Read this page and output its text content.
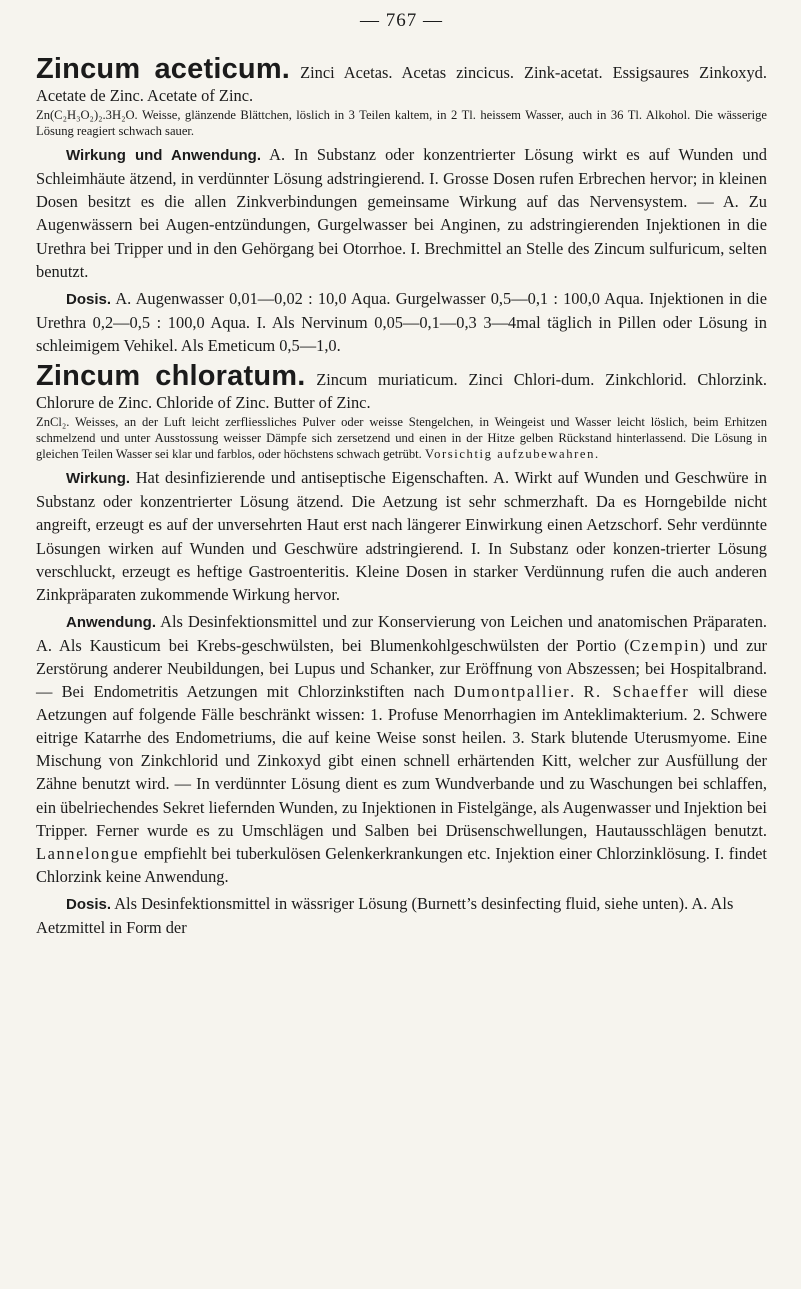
— 767 —

Zincum aceticum. Zinci Acetas. Acetas zincicus. Zink-acetat. Essigsaures Zinkoxyd. Acetate de Zinc. Acetate of Zinc.

Zn(C₂H₃O₂)₂.3H₂O. Weisse, glänzende Blättchen, löslich in 3 Teilen kaltem, in 2 Tl. heissem Wasser, auch in 36 Tl. Alkohol. Die wässerige Lösung reagiert schwach sauer.

Wirkung und Anwendung. A. In Substanz oder konzentrierter Lösung wirkt es auf Wunden und Schleimhäute ätzend, in verdünnter Lösung adstringierend. I. Grosse Dosen rufen Erbrechen hervor; in kleinen Dosen besitzt es die allen Zinkverbindungen gemeinsame Wirkung auf das Nervensystem. — A. Zu Augenwässern bei Augen-entzündungen, Gurgelwasser bei Anginen, zu adstringierenden Injektionen in die Urethra bei Tripper und in den Gehörgang bei Otorrhoe. I. Brechmittel an Stelle des Zincum sulfuricum, selten benutzt.

Dosis. A. Augenwasser 0,01—0,02 : 10,0 Aqua. Gurgelwasser 0,5—0,1 : 100,0 Aqua. Injektionen in die Urethra 0,2—0,5 : 100,0 Aqua. I. Als Nervinum 0,05—0,1—0,3 3—4mal täglich in Pillen oder Lösung in schleimigem Vehikel. Als Emeticum 0,5—1,0.

Zincum chloratum. Zincum muriaticum. Zinci Chlori-dum. Zinkchlorid. Chlorzink. Chlorure de Zinc. Chloride of Zinc. Butter of Zinc.

ZnCl₂. Weisses, an der Luft leicht zerfliessliches Pulver oder weisse Stengelchen, in Weingeist und Wasser leicht löslich, beim Erhitzen schmelzend und unter Ausstossung weisser Dämpfe sich zersetzend und einen in der Hitze gelben Rückstand hinterlassend. Die Lösung in gleichen Teilen Wasser sei klar und farblos, oder höchstens schwach getrübt. Vorsichtig aufzubewahren.

Wirkung. Hat desinfizierende und antiseptische Eigenschaften. A. Wirkt auf Wunden und Geschwüre in Substanz oder konzentrierter Lösung ätzend. Die Aetzung ist sehr schmerzhaft. Da es Horngebilde nicht angreift, erzeugt es auf der unversehrten Haut erst nach längerer Einwirkung einen Aetzschorf. Sehr verdünnte Lösungen wirken auf Wunden und Geschwüre adstringierend. I. In Substanz oder konzen-trierter Lösung verschluckt, erzeugt es heftige Gastroenteritis. Kleine Dosen in starker Verdünnung rufen die auch anderen Zinkpräparaten zukommende Wirkung hervor.

Anwendung. Als Desinfektionsmittel und zur Konservierung von Leichen und anatomischen Präparaten. A. Als Kausticum bei Krebs-geschwülsten, bei Blumenkohlgeschwülsten der Portio (Czempin) und zur Zerstörung anderer Neubildungen, bei Lupus und Schanker, zur Eröffnung von Abszessen; bei Hospitalbrand. — Bei Endometritis Aetzungen mit Chlorzinkstiften nach Dumontpallier. R. Schaeffer will diese Aetzungen auf folgende Fälle beschränkt wissen: 1. Profuse Menorrhagien im Anteklimakterium. 2. Schwere eitrige Katarrhe des Endometriums, die auf keine Weise sonst heilen. 3. Stark blutende Uterusmyome. Eine Mischung von Zinkchlorid und Zinkoxyd gibt einen schnell erhärtenden Kitt, welcher zur Ausfüllung der Zähne benutzt wird. — In verdünnter Lösung dient es zum Wundverbande und zu Waschungen bei schlaffen, ein übelriechendes Sekret liefernden Wunden, zu Injektionen in Fistelgänge, als Augenwasser und Injektion bei Tripper. Ferner wurde es zu Umschlägen und Salben bei Drüsenschwellungen, Hautausschlägen benutzt. Lannelongue empfiehlt bei tuberkulösen Gelenkerkrankungen etc. Injektion einer Chlorzinklösung. I. findet Chlorzink keine Anwendung.

Dosis. Als Desinfektionsmittel in wässriger Lösung (Burnett’s desinfecting fluid, siehe unten). A. Als Aetzmittel in Form der
